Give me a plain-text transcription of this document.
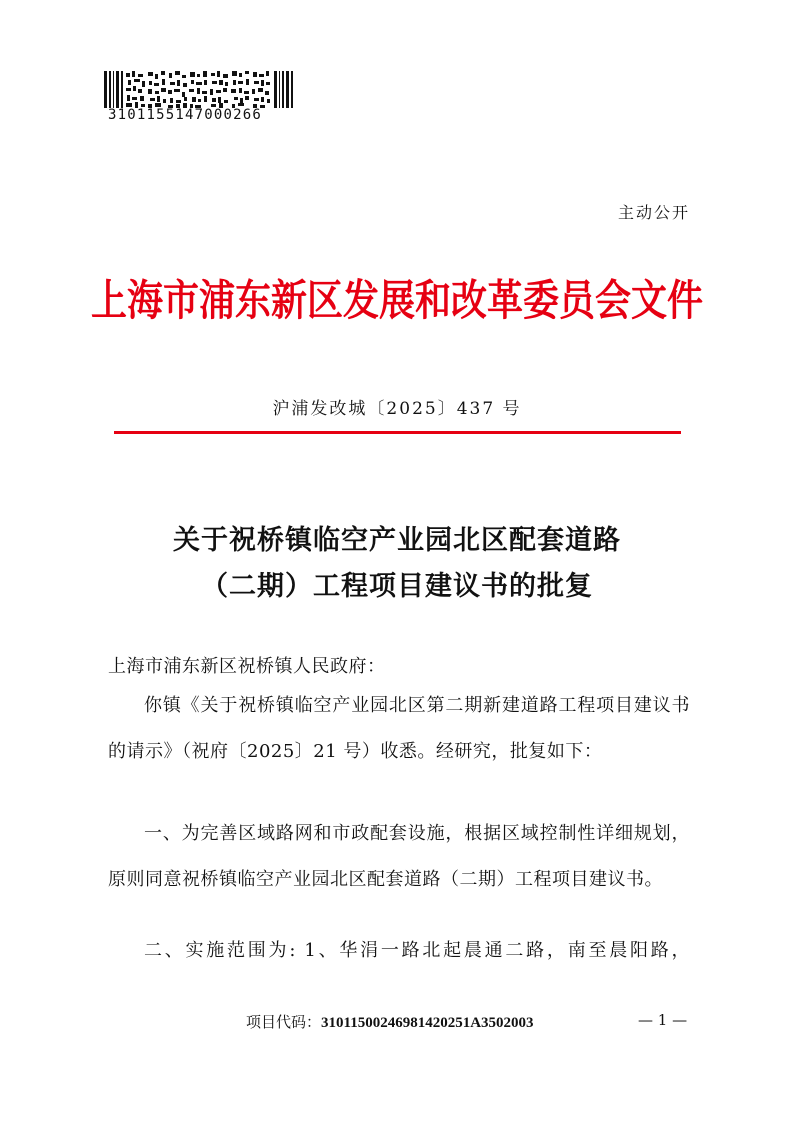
3101155147000266
主动公开
上海市浦东新区发展和改革委员会文件
沪浦发改城〔2025〕437 号
关于祝桥镇临空产业园北区配套道路
（二期）工程项目建议书的批复
上海市浦东新区祝桥镇人民政府：
你镇《关于祝桥镇临空产业园北区第二期新建道路工程项目建议书的请示》（祝府〔2025〕21 号）收悉。经研究，批复如下：
一、为完善区域路网和市政配套设施，根据区域控制性详细规划，原则同意祝桥镇临空产业园北区配套道路（二期）工程项目建议书。
二、实施范围为: 1、华涓一路北起晨通二路，南至晨阳路，
项目代码：31011500246981420251A3502003	— 1 —
